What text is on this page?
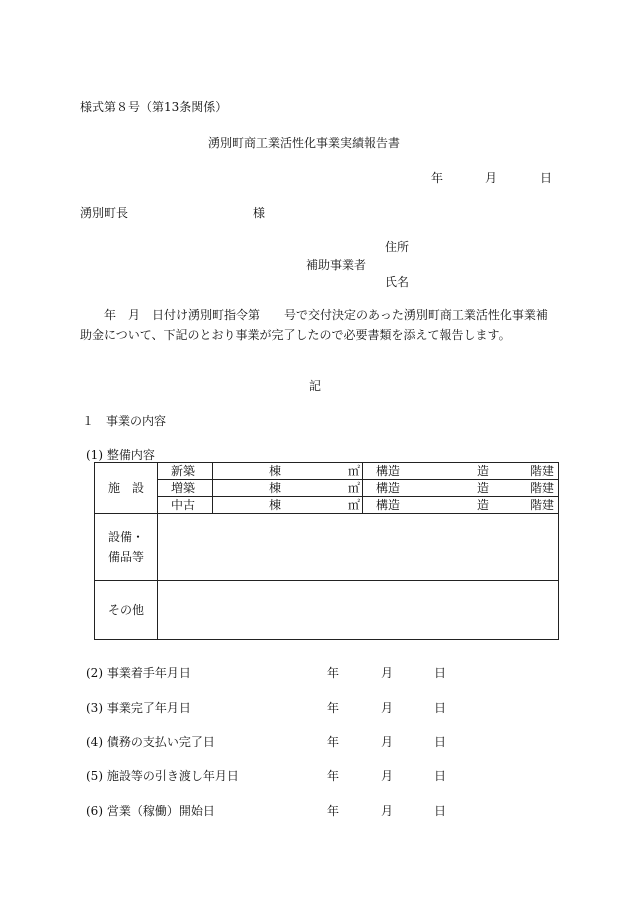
様式第８号（第13条関係）
湧別町商工業活性化事業実績報告書
年	月	日
湧別町長	様
住所
補助事業者
氏名
年　月　日付け湧別町指令第　　号で交付決定のあった湧別町商工業活性化事業補助金について、下記のとおり事業が完了したので必要書類を添えて報告します。
記
１　事業の内容
(1) 整備内容
施　設	新築	棟 ㎡	構造 造 階建

	増築	棟 ㎡	構造 造 階建

	中古	棟 ㎡	構造 造 階建

設備・
備品等			

その他			
(2) 事業着手年月日	年	月	日
(3) 事業完了年月日	年	月	日
(4) 債務の支払い完了日	年	月	日
(5) 施設等の引き渡し年月日	年	月	日
(6) 営業（稼働）開始日	年	月	日
